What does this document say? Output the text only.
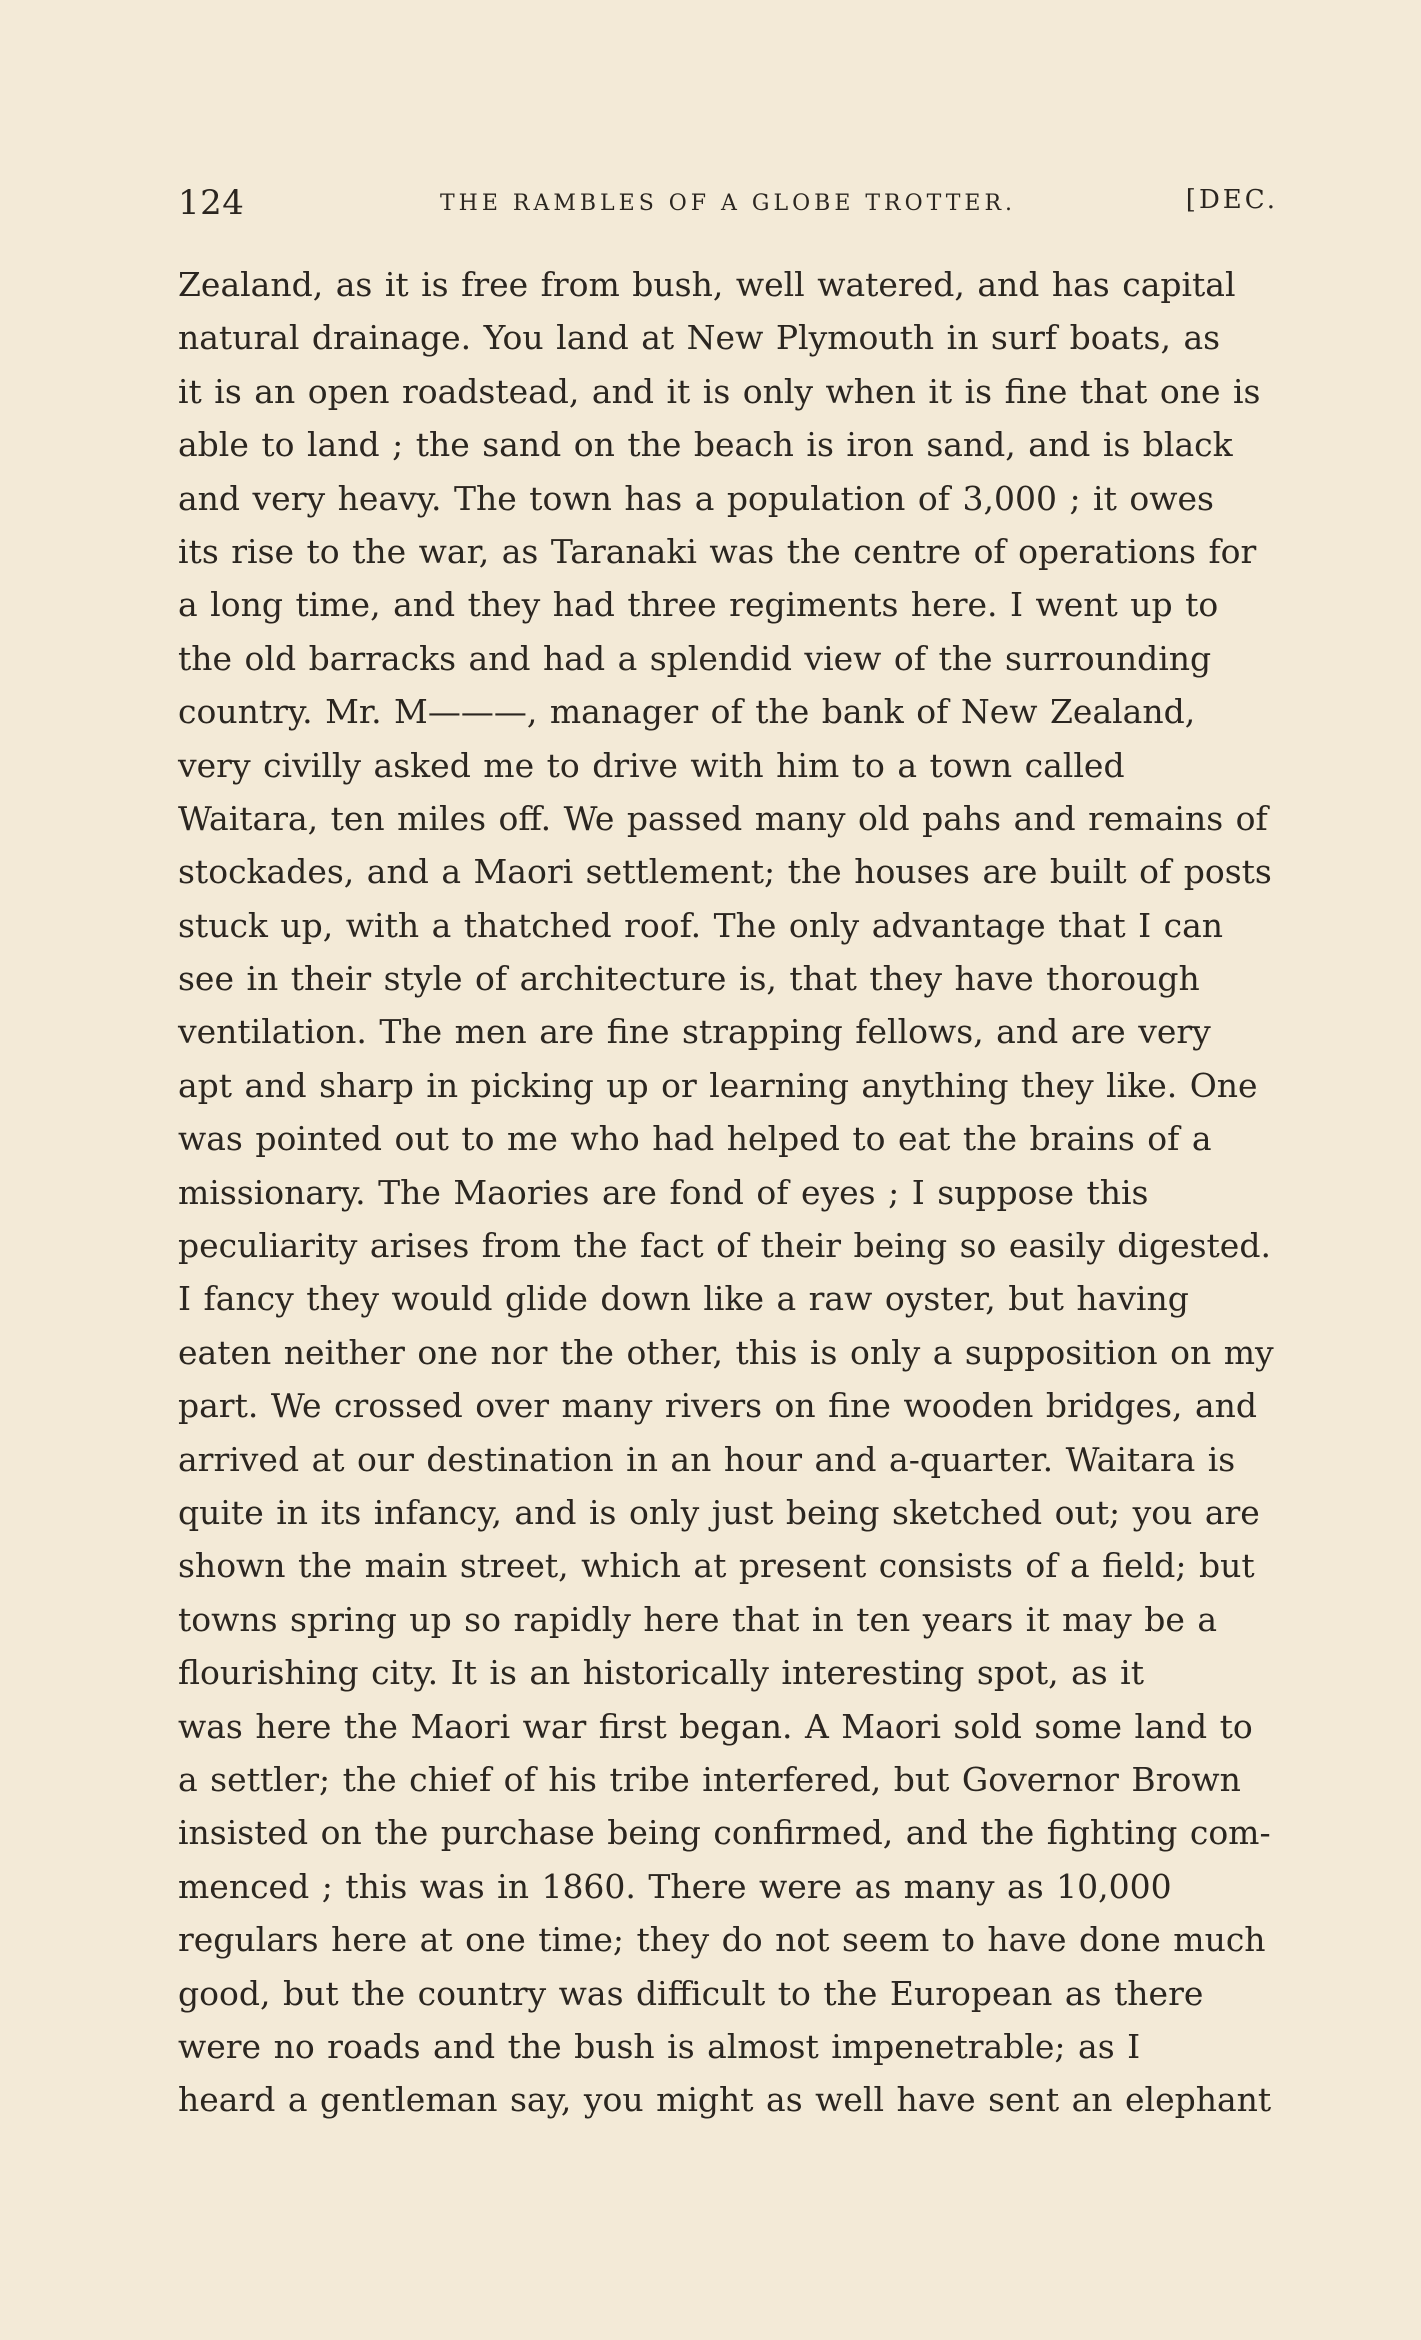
124	THE RAMBLES OF A GLOBE TROTTER.	[DEC.
Zealand, as it is free from bush, well watered, and has capital
natural drainage. You land at New Plymouth in surf boats, as
it is an open roadstead, and it is only when it is fine that one is
able to land ; the sand on the beach is iron sand, and is black
and very heavy. The town has a population of 3,000 ; it owes
its rise to the war, as Taranaki was the centre of operations for
a long time, and they had three regiments here. I went up to
the old barracks and had a splendid view of the surrounding
country. Mr. M———, manager of the bank of New Zealand,
very civilly asked me to drive with him to a town called
Waitara, ten miles off. We passed many old pahs and remains of
stockades, and a Maori settlement; the houses are built of posts
stuck up, with a thatched roof. The only advantage that I can
see in their style of architecture is, that they have thorough
ventilation. The men are fine strapping fellows, and are very
apt and sharp in picking up or learning anything they like. One
was pointed out to me who had helped to eat the brains of a
missionary. The Maories are fond of eyes ; I suppose this
peculiarity arises from the fact of their being so easily digested.
I fancy they would glide down like a raw oyster, but having
eaten neither one nor the other, this is only a supposition on my
part. We crossed over many rivers on fine wooden bridges, and
arrived at our destination in an hour and a-quarter. Waitara is
quite in its infancy, and is only just being sketched out; you are
shown the main street, which at present consists of a field; but
towns spring up so rapidly here that in ten years it may be a
flourishing city. It is an historically interesting spot, as it
was here the Maori war first began. A Maori sold some land to
a settler; the chief of his tribe interfered, but Governor Brown
insisted on the purchase being confirmed, and the fighting com-
menced ; this was in 1860. There were as many as 10,000
regulars here at one time; they do not seem to have done much
good, but the country was difficult to the European as there
were no roads and the bush is almost impenetrable; as I
heard a gentleman say, you might as well have sent an elephant
